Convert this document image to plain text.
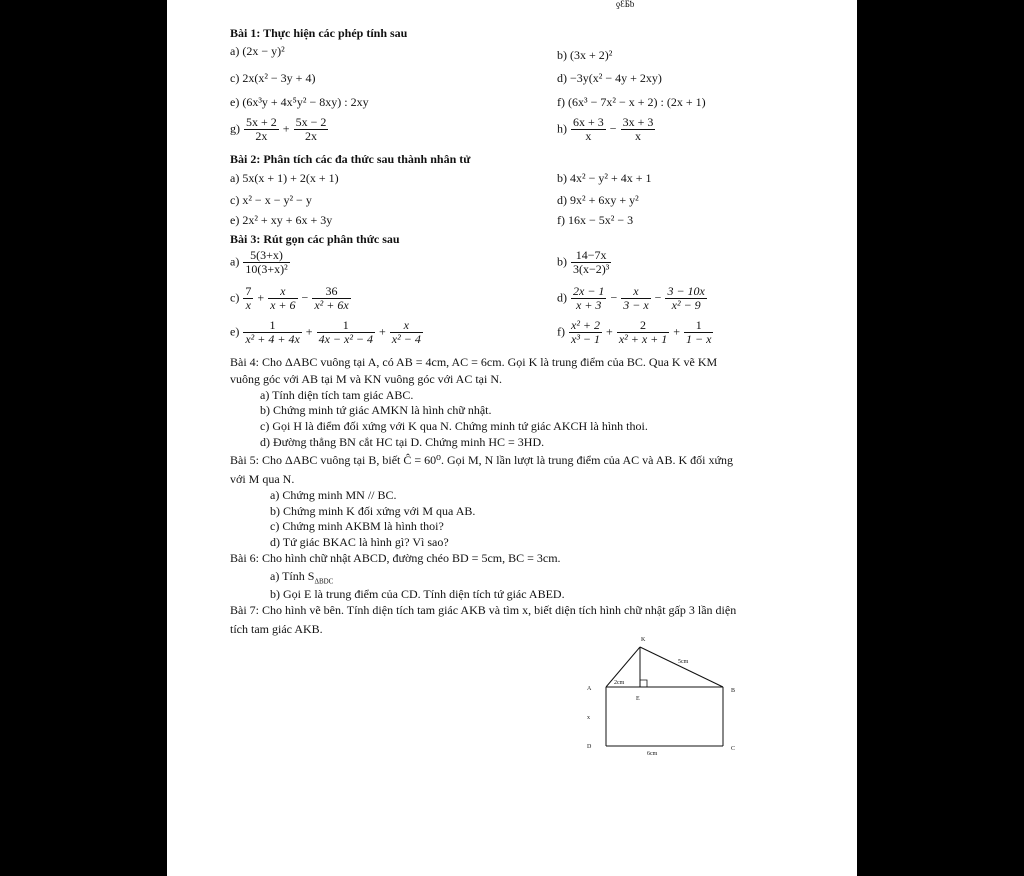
ƍƐƂƅ
Bài 1: Thực hiện các phép tính sau
a) (2x − y)²	b) (3x + 2)²
c) 2x(x² − 3y + 4)	d) −3y(x² − 4y + 2xy)
e) (6x³y + 4x⁵y² − 8xy) : 2xy	f) (6x³ − 7x² − x + 2) : (2x + 1)
$g) \frac{5x + 2}{2x} + \frac{5x - 2}{2x}$	$h) \frac{6x + 3}{x} - \frac{3x + 3}{x}$
Bài 2: Phân tích các đa thức sau thành nhân tử
a) 5x(x + 1) + 2(x + 1)	b) 4x² − y² + 4x + 1
c) x² − x − y² − y	d) 9x² + 6xy + y²
e) 2x² + xy + 6x + 3y	f) 16x − 5x² − 3
Bài 3: Rút gọn các phân thức sau
$a) \frac{5(3+x)}{\text{10(3+x)²}}$	$b) \frac{14-7x}{\text{3(x−2)³}}$
$c) \frac{7}{x} + \frac{x}{x + 6} - \frac{36}{\text{x² + 6x}}$	$d) \frac{2x - 1}{x + 3} - \frac{x}{3 - x} - \frac{3 - 10x}{\text{x² − 9}}$
$e) \frac{1}{\text{x² + 4 + 4x}} + \frac{1}{\text{4x − x² − 4}} + \frac{x}{\text{x² − 4}}$	$f) \frac{\text{x² + 2}}{\text{x³ − 1}} + \frac{2}{\text{x² + x + 1}} + \frac{1}{1 - x}$
Bài 4: Cho ΔABC vuông tại A, có AB = 4cm, AC = 6cm. Gọi K là trung điểm của BC. Qua K vẽ KM
vuông góc với AB tại M và KN vuông góc với AC tại N.
a) Tính diện tích tam giác ABC.
b) Chứng minh tứ giác AMKN là hình chữ nhật.
c) Gọi H là điểm đối xứng với K qua N. Chứng minh tứ giác AKCH là hình thoi.
d) Đường thẳng BN cắt HC tại D. Chứng minh HC = 3HD.
Bài 5: Cho ΔABC vuông tại B, biết Ĉ = 60⁰. Gọi M, N lần lượt là trung điểm của AC và AB. K đối xứng
với M qua N.
a) Chứng minh MN // BC.
b) Chứng minh K đối xứng với M qua AB.
c) Chứng minh AKBM là hình thoi?
d) Tứ giác BKAC là hình gì? Vì sao?
Bài 6: Cho hình chữ nhật ABCD, đường chéo BD = 5cm, BC = 3cm.
a) Tính $S_{\Delta BDC}$
b) Gọi E là trung điểm của CD. Tính diện tích tứ giác ABED.
Bài 7: Cho hình vẽ bên. Tính diện tích tam giác AKB và tìm x, biết diện tích hình chữ nhật gấp 3 lần diện
tích tam giác AKB.
K
5cm
2cm
A	B
E
x
D
6cm
C
